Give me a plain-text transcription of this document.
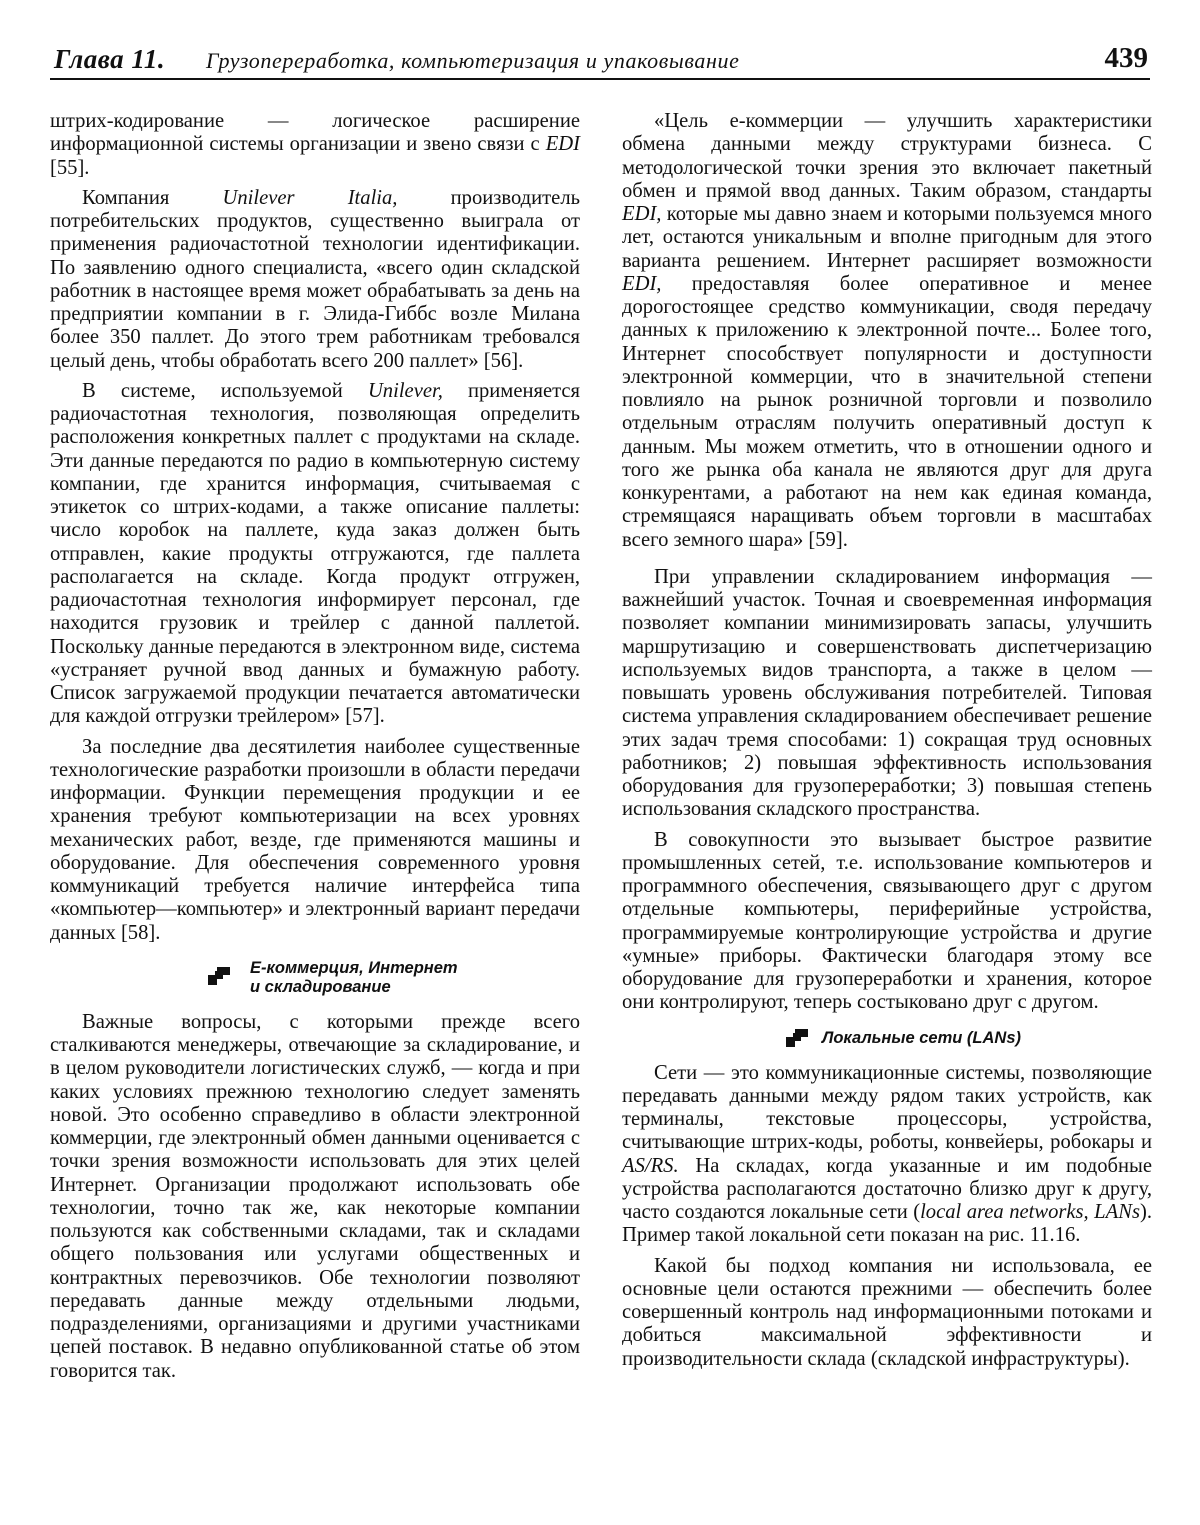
Глава 11. Грузопереработка, компьютеризация и упаковывание	439

штрих-кодирование — логическое расширение информационной системы организации и звено связи с EDI [55].

Компания Unilever Italia, производитель потребительских продуктов, существенно выиграла от применения радиочастотной технологии идентификации. По заявлению одного специалиста, «всего один складской работник в настоящее время может обрабатывать за день на предприятии компании в г. Элида-Гиббс возле Милана более 350 паллет. До этого трем работникам требовался целый день, чтобы обработать всего 200 паллет» [56].

В системе, используемой Unilever, применяется радиочастотная технология, позволяющая определить расположения конкретных паллет с продуктами на складе. Эти данные передаются по радио в компьютерную систему компании, где хранится информация, считываемая с этикеток со штрих-кодами, а также описание паллеты: число коробок на паллете, куда заказ должен быть отправлен, какие продукты отгружаются, где паллета располагается на складе. Когда продукт отгружен, радиочастотная технология информирует персонал, где находится грузовик и трейлер с данной паллетой. Поскольку данные передаются в электронном виде, система «устраняет ручной ввод данных и бумажную работу. Список загружаемой продукции печатается автоматически для каждой отгрузки трейлером» [57].

За последние два десятилетия наиболее существенные технологические разработки произошли в области передачи информации. Функции перемещения продукции и ее хранения требуют компьютеризации на всех уровнях механических работ, везде, где применяются машины и оборудование. Для обеспечения современного уровня коммуникаций требуется наличие интерфейса типа «компьютер—компьютер» и электронный вариант передачи данных [58].

Е-коммерция, Интернет
и складирование

Важные вопросы, с которыми прежде всего сталкиваются менеджеры, отвечающие за складирование, и в целом руководители логистических служб, — когда и при каких условиях прежнюю технологию следует заменять новой. Это особенно справедливо в области электронной коммерции, где электронный обмен данными оценивается с точки зрения возможности использовать для этих целей Интернет. Организации продолжают использовать обе технологии, точно так же, как некоторые компании пользуются как собственными складами, так и складами общего пользования или услугами общественных и контрактных перевозчиков. Обе технологии позволяют передавать данные между отдельными людьми, подразделениями, организациями и другими участниками цепей поставок. В недавно опубликованной статье об этом говорится так.

«Цель е-коммерции — улучшить характеристики обмена данными между структурами бизнеса. С методологической точки зрения это включает пакетный обмен и прямой ввод данных. Таким образом, стандарты EDI, которые мы давно знаем и которыми пользуемся много лет, остаются уникальным и вполне пригодным для этого варианта решением. Интернет расширяет возможности EDI, предоставляя более оперативное и менее дорогостоящее средство коммуникации, сводя передачу данных к приложению к электронной почте... Более того, Интернет способствует популярности и доступности электронной коммерции, что в значительной степени повлияло на рынок розничной торговли и позволило отдельным отраслям получить оперативный доступ к данным. Мы можем отметить, что в отношении одного и того же рынка оба канала не являются друг для друга конкурентами, а работают на нем как единая команда, стремящаяся наращивать объем торговли в масштабах всего земного шара» [59].

При управлении складированием информация — важнейший участок. Точная и своевременная информация позволяет компании минимизировать запасы, улучшить маршрутизацию и совершенствовать диспетчеризацию используемых видов транспорта, а также в целом — повышать уровень обслуживания потребителей. Типовая система управления складированием обеспечивает решение этих задач тремя способами: 1) сокращая труд основных работников; 2) повышая эффективность использования оборудования для грузопереработки; 3) повышая степень использования складского пространства.

В совокупности это вызывает быстрое развитие промышленных сетей, т.е. использование компьютеров и программного обеспечения, связывающего друг с другом отдельные компьютеры, периферийные устройства, программируемые контролирующие устройства и другие «умные» приборы. Фактически благодаря этому все оборудование для грузопереработки и хранения, которое они контролируют, теперь состыковано друг с другом.

Локальные сети (LANs)

Сети — это коммуникационные системы, позволяющие передавать данными между рядом таких устройств, как терминалы, текстовые процессоры, устройства, считывающие штрих-коды, роботы, конвейеры, робокары и AS/RS. На складах, когда указанные и им подобные устройства располагаются достаточно близко друг к другу, часто создаются локальные сети (local area networks, LANs). Пример такой локальной сети показан на рис. 11.16.

Какой бы подход компания ни использовала, ее основные цели остаются прежними — обеспечить более совершенный контроль над информационными потоками и добиться максимальной эффективности и производительности склада (складской инфраструктуры).
